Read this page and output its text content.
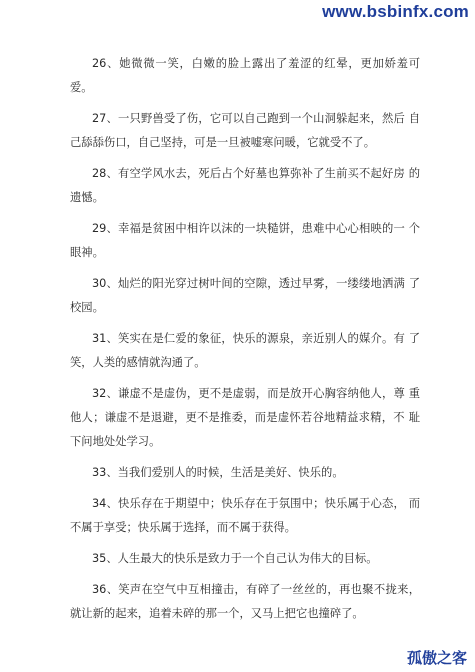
www.bsbinfx.com

26、她微微一笑，白嫩的脸上露出了羞涩的红晕，更加娇羞可爱。

27、一只野兽受了伤，它可以自己跑到一个山洞躲起来，然后 自己舔舔伤口，自己坚持，可是一旦被嘘寒问暖，它就受不了。

28、有空学风水去，死后占个好墓也算弥补了生前买不起好房 的遗憾。

29、幸福是贫困中相许以沫的一块糙饼，患难中心心相映的一 个眼神。

30、灿烂的阳光穿过树叶间的空隙，透过早雾，一缕缕地洒满 了校园。

31、笑实在是仁爱的象征，快乐的源泉，亲近别人的媒介。有 了笑，人类的感情就沟通了。

32、谦虚不是虚伪，更不是虚弱，而是放开心胸容纳他人，尊 重他人；谦虚不是退避，更不是推委，而是虚怀若谷地精益求精，不 耻下问地处处学习。

33、当我们爱别人的时候，生活是美好、快乐的。

34、快乐存在于期望中；快乐存在于氛围中；快乐属于心态， 而不属于享受；快乐属于选择，而不属于获得。

35、人生最大的快乐是致力于一个自己认为伟大的目标。

36、笑声在空气中互相撞击，有碎了一丝丝的，再也聚不拢来， 就让新的起来，追着未碎的那一个，又马上把它也撞碎了。

孤傲之客
